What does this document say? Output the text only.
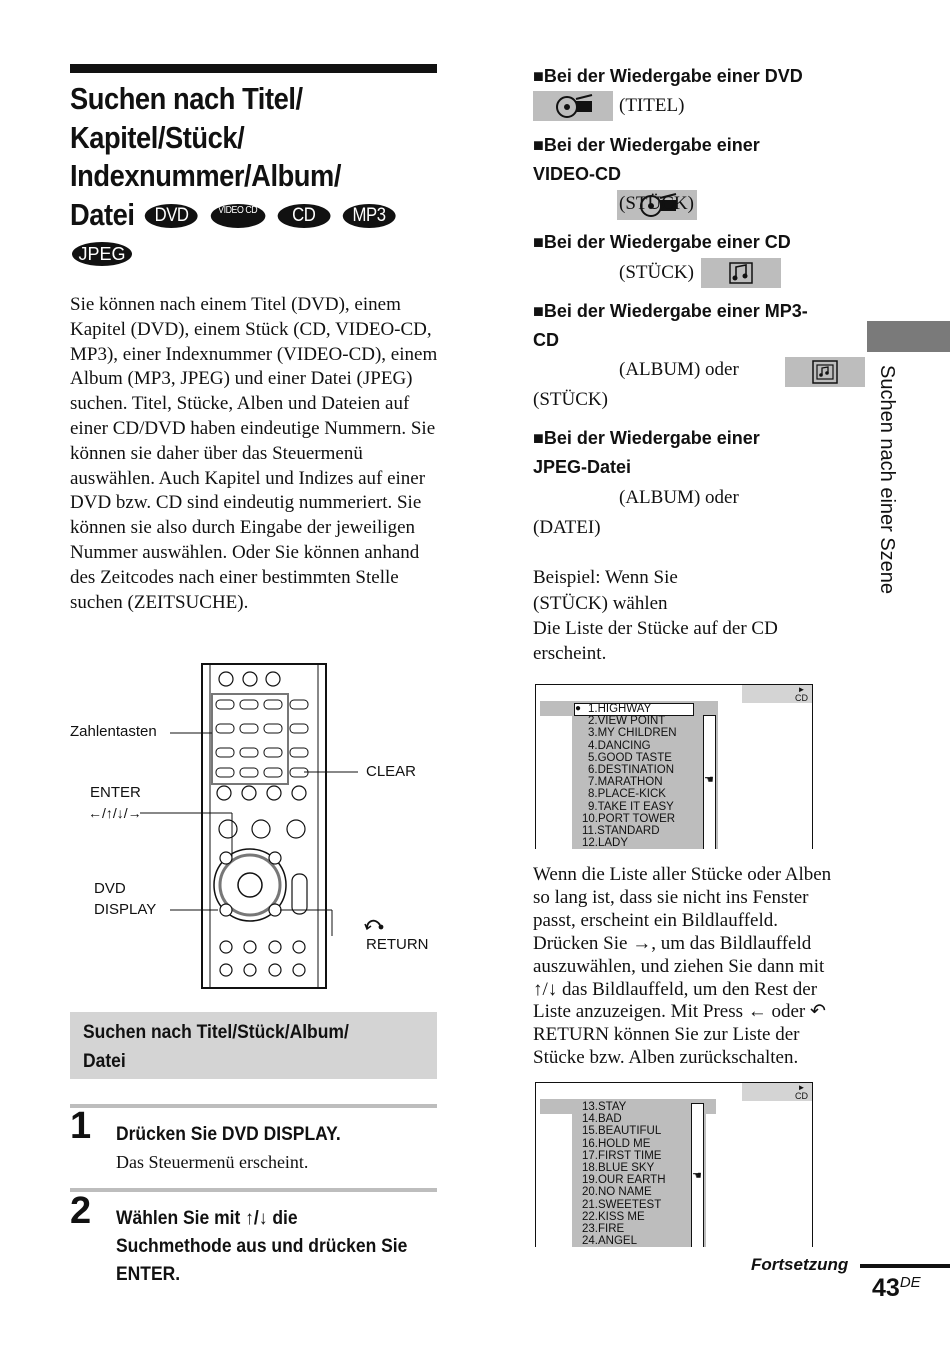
Suchen nach Titel/
Kapitel/Stück/
Indexnummer/Album/
Datei DVD	VIDEO CD CD MP3
JPEG
Sie können nach einem Titel (DVD), einem Kapitel (DVD), einem Stück (CD, VIDEO-CD, MP3), einer Indexnummer (VIDEO-CD), einem Album (MP3, JPEG) und einer Datei (JPEG) suchen. Titel, Stücke, Alben und Dateien auf einer CD/DVD haben eindeutige Nummern. Sie können sie daher über das Steuermenü auswählen. Auch Kapitel und Indizes auf einer DVD bzw. CD sind eindeutig nummeriert. Sie können sie also durch Eingabe der jeweiligen Nummer auswählen. Oder Sie können anhand des Zeitcodes nach einer bestimmten Stelle suchen (ZEITSUCHE).
Zahlentasten
CLEAR
ENTER
←/↑/↓/→
DVD
DISPLAY
RETURN
Suchen nach Titel/Stück/Album/
Datei
1 Drücken Sie DVD DISPLAY.
Das Steuermenü erscheint.
2 Wählen Sie mit ↑/↓ die
Suchmethode aus und drücken Sie
ENTER.
■Bei der Wiedergabe einer DVD

(TITEL)
■Bei der Wiedergabe einer
VIDEO-CD

(STÜCK)
■Bei der Wiedergabe einer CD

(STÜCK)
■Bei der Wiedergabe einer MP3-
CD

(ALBUM) oder

(STÜCK)
■Bei der Wiedergabe einer
JPEG-Datei

(ALBUM) oder

(DATEI)
Beispiel: Wenn Sie
(STÜCK) wählen
Die Liste der Stücke auf der CD
erscheint.
►
CD
● 1.HIGHWAY
2.VIEW POINT
3.MY CHILDREN
4.DANCING
5.GOOD TASTE
6.DESTINATION
7.MARATHON
8.PLACE-KICK
9.TAKE IT EASY
10.PORT TOWER
11.STANDARD
12.LADY
☚
Wenn die Liste aller Stücke oder Alben
so lang ist, dass sie nicht ins Fenster
passt, erscheint ein Bildlauffeld.
Drücken Sie →, um das Bildlauffeld
auszuwählen, und ziehen Sie dann mit
↑/↓ das Bildlauffeld, um den Rest der
Liste anzuzeigen. Mit Press ← oder ↶
RETURN können Sie zur Liste der
Stücke bzw. Alben zurückschalten.
►
CD
13.STAY
14.BAD
15.BEAUTIFUL
16.HOLD ME
17.FIRST TIME
18.BLUE SKY
19.OUR EARTH
20.NO NAME
21.SWEETEST
22.KISS ME
23.FIRE
24.ANGEL
☚
Suchen nach einer Szene
Fortsetzung
43DE
